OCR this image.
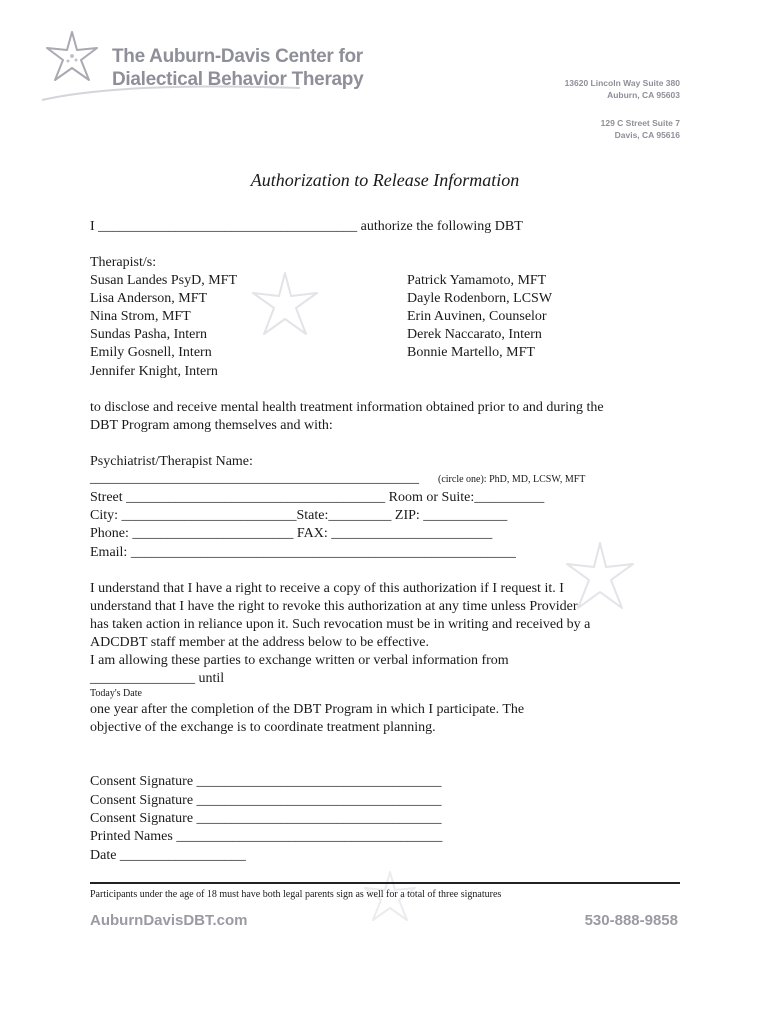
The Auburn-Davis Center for
Dialectical Behavior Therapy	13620 Lincoln Way Suite 380
Auburn, CA 95603
129 C Street Suite 7
Davis, CA 95616
Authorization to Release Information
I _____________________________________ authorize the following DBT
Therapist/s:
Susan Landes PsyD, MFT
Lisa Anderson, MFT
Nina Strom, MFT
Sundas Pasha, Intern
Emily Gosnell, Intern
Jennifer Knight, Intern
Patrick Yamamoto, MFT
Dayle Rodenborn, LCSW
Erin Auvinen, Counselor
Derek Naccarato, Intern
Bonnie Martello, MFT
to disclose and receive mental health treatment information obtained prior to and during the
DBT Program among themselves and with:
Psychiatrist/Therapist Name:
_______________________________________________ (circle one): PhD, MD, LCSW, MFT
Street _____________________________________ Room or Suite:__________
City: _________________________State:_________ ZIP: ____________
Phone: _______________________ FAX: _______________________
Email: _______________________________________________________
I understand that I have a right to receive a copy of this authorization if I request it. I
understand that I have the right to revoke this authorization at any time unless Provider
has taken action in reliance upon it. Such revocation must be in writing and received by a
ADCDBT staff member at the address below to be effective.
I am allowing these parties to exchange written or verbal information from
_______________ until
Today's Date
one year after the completion of the DBT Program in which I participate. The
objective of the exchange is to coordinate treatment planning.
Consent Signature ___________________________________
Consent Signature ___________________________________
Consent Signature ___________________________________
Printed Names ______________________________________
Date __________________
Participants under the age of 18 must have both legal parents sign as well for a total of three signatures
AuburnDavisDBT.com	530-888-9858
